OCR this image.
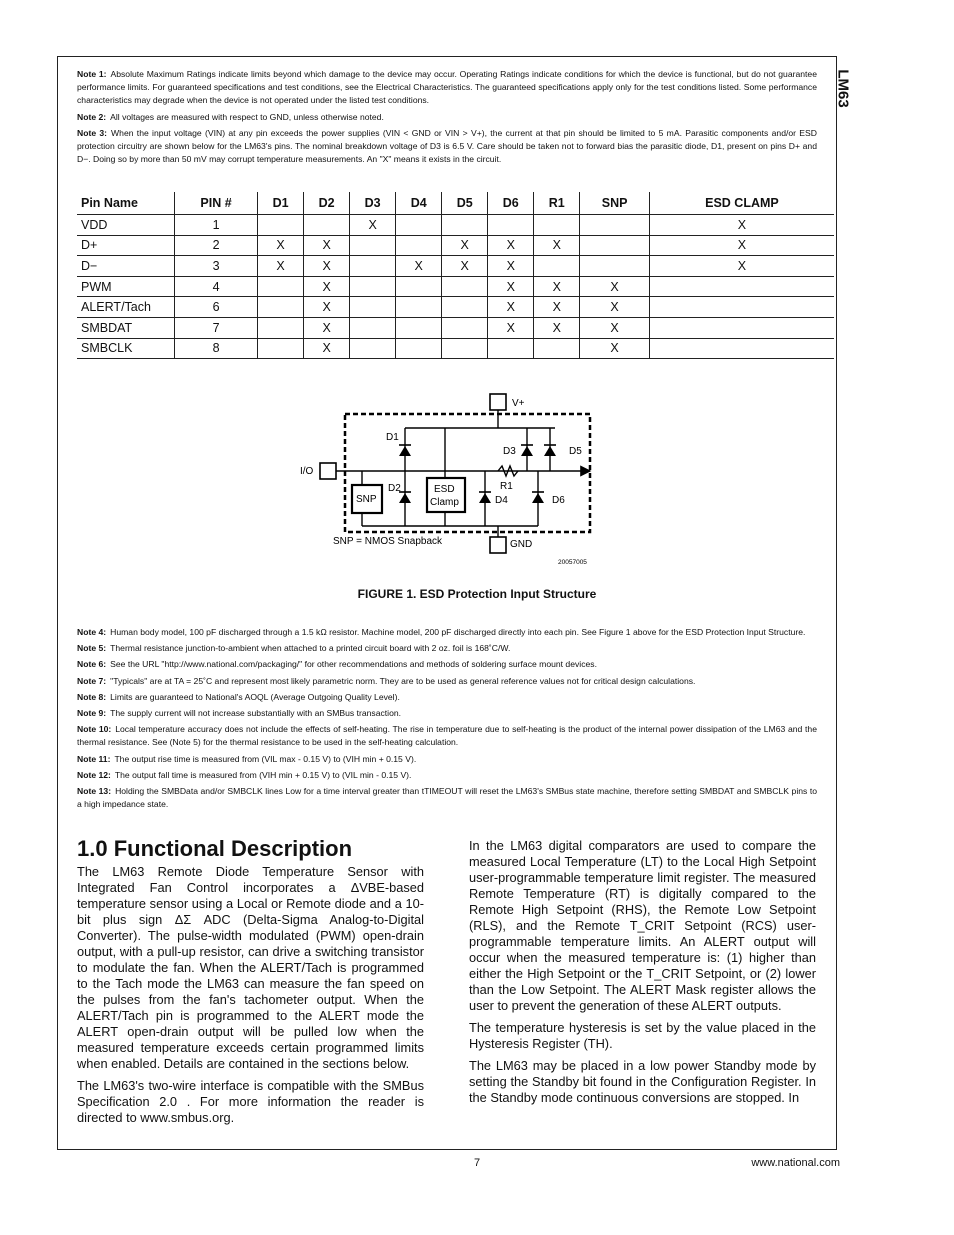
LM63

Note 1: Absolute Maximum Ratings indicate limits beyond which damage to the device may occur. Operating Ratings indicate conditions for which the device is functional, but do not guarantee performance limits. For guaranteed specifications and test conditions, see the Electrical Characteristics. The guaranteed specifications apply only for the test conditions listed. Some performance characteristics may degrade when the device is not operated under the listed test conditions.

Note 2: All voltages are measured with respect to GND, unless otherwise noted.

Note 3: When the input voltage (VIN) at any pin exceeds the power supplies (VIN < GND or VIN > V+), the current at that pin should be limited to 5 mA. Parasitic components and/or ESD protection circuitry are shown below for the LM63's pins. The nominal breakdown voltage of D3 is 6.5 V. Care should be taken not to forward bias the parasitic diode, D1, present on pins D+ and D−. Doing so by more than 50 mV may corrupt temperature measurements. An "X" means it exists in the circuit.

Pin Name	PIN #	D1	D2	D3	D4	D5	D6	R1	SNP	ESD CLAMP
VDD	1			X						X
D+	2	X	X			X	X	X		X
D−	3	X	X		X	X	X			X
PWM	4		X				X	X	X	
ALERT/Tach	6		X				X	X	X	
SMBDAT	7		X				X	X	X	
SMBCLK	8		X						X	
V+
D1
D3	D5
I/O
R1
D2
D4	D6
SNP
ESD
Clamp
SNP = NMOS Snapback	GND
20057005
FIGURE 1. ESD Protection Input Structure

Note 4: Human body model, 100 pF discharged through a 1.5 kΩ resistor. Machine model, 200 pF discharged directly into each pin. See Figure 1 above for the ESD Protection Input Structure.

Note 5: Thermal resistance junction-to-ambient when attached to a printed circuit board with 2 oz. foil is 168˚C/W.

Note 6: See the URL "http://www.national.com/packaging/" for other recommendations and methods of soldering surface mount devices.

Note 7: "Typicals" are at TA = 25˚C and represent most likely parametric norm. They are to be used as general reference values not for critical design calculations.

Note 8: Limits are guaranteed to National's AOQL (Average Outgoing Quality Level).

Note 9: The supply current will not increase substantially with an SMBus transaction.

Note 10: Local temperature accuracy does not include the effects of self-heating. The rise in temperature due to self-heating is the product of the internal power dissipation of the LM63 and the thermal resistance. See (Note 5) for the thermal resistance to be used in the self-heating calculation.

Note 11: The output rise time is measured from (VIL max - 0.15 V) to (VIH min + 0.15 V).

Note 12: The output fall time is measured from (VIH min + 0.15 V) to (VIL min - 0.15 V).

Note 13: Holding the SMBData and/or SMBCLK lines Low for a time interval greater than tTIMEOUT will reset the LM63's SMBus state machine, therefore setting SMBDAT and SMBCLK pins to a high impedance state.

1.0 Functional Description

The LM63 Remote Diode Temperature Sensor with Integrated Fan Control incorporates a ΔVBE-based temperature sensor using a Local or Remote diode and a 10-bit plus sign ΔΣ ADC (Delta-Sigma Analog-to-Digital Converter). The pulse-width modulated (PWM) open-drain output, with a pull-up resistor, can drive a switching transistor to modulate the fan. When the ALERT/Tach is programmed to the Tach mode the LM63 can measure the fan speed on the pulses from the fan's tachometer output. When the ALERT/Tach pin is programmed to the ALERT mode the ALERT open-drain output will be pulled low when the measured temperature exceeds certain programmed limits when enabled. Details are contained in the sections below.

The LM63's two-wire interface is compatible with the SMBus Specification 2.0 . For more information the reader is directed to www.smbus.org.

In the LM63 digital comparators are used to compare the measured Local Temperature (LT) to the Local High Setpoint user-programmable temperature limit register. The measured Remote Temperature (RT) is digitally compared to the Remote High Setpoint (RHS), the Remote Low Setpoint (RLS), and the Remote T_CRIT Setpoint (RCS) user-programmable temperature limits. An ALERT output will occur when the measured temperature is: (1) higher than either the High Setpoint or the T_CRIT Setpoint, or (2) lower than the Low Setpoint. The ALERT Mask register allows the user to prevent the generation of these ALERT outputs.

The temperature hysteresis is set by the value placed in the Hysteresis Register (TH).

The LM63 may be placed in a low power Standby mode by setting the Standby bit found in the Configuration Register. In the Standby mode continuous conversions are stopped. In

7	www.national.com
